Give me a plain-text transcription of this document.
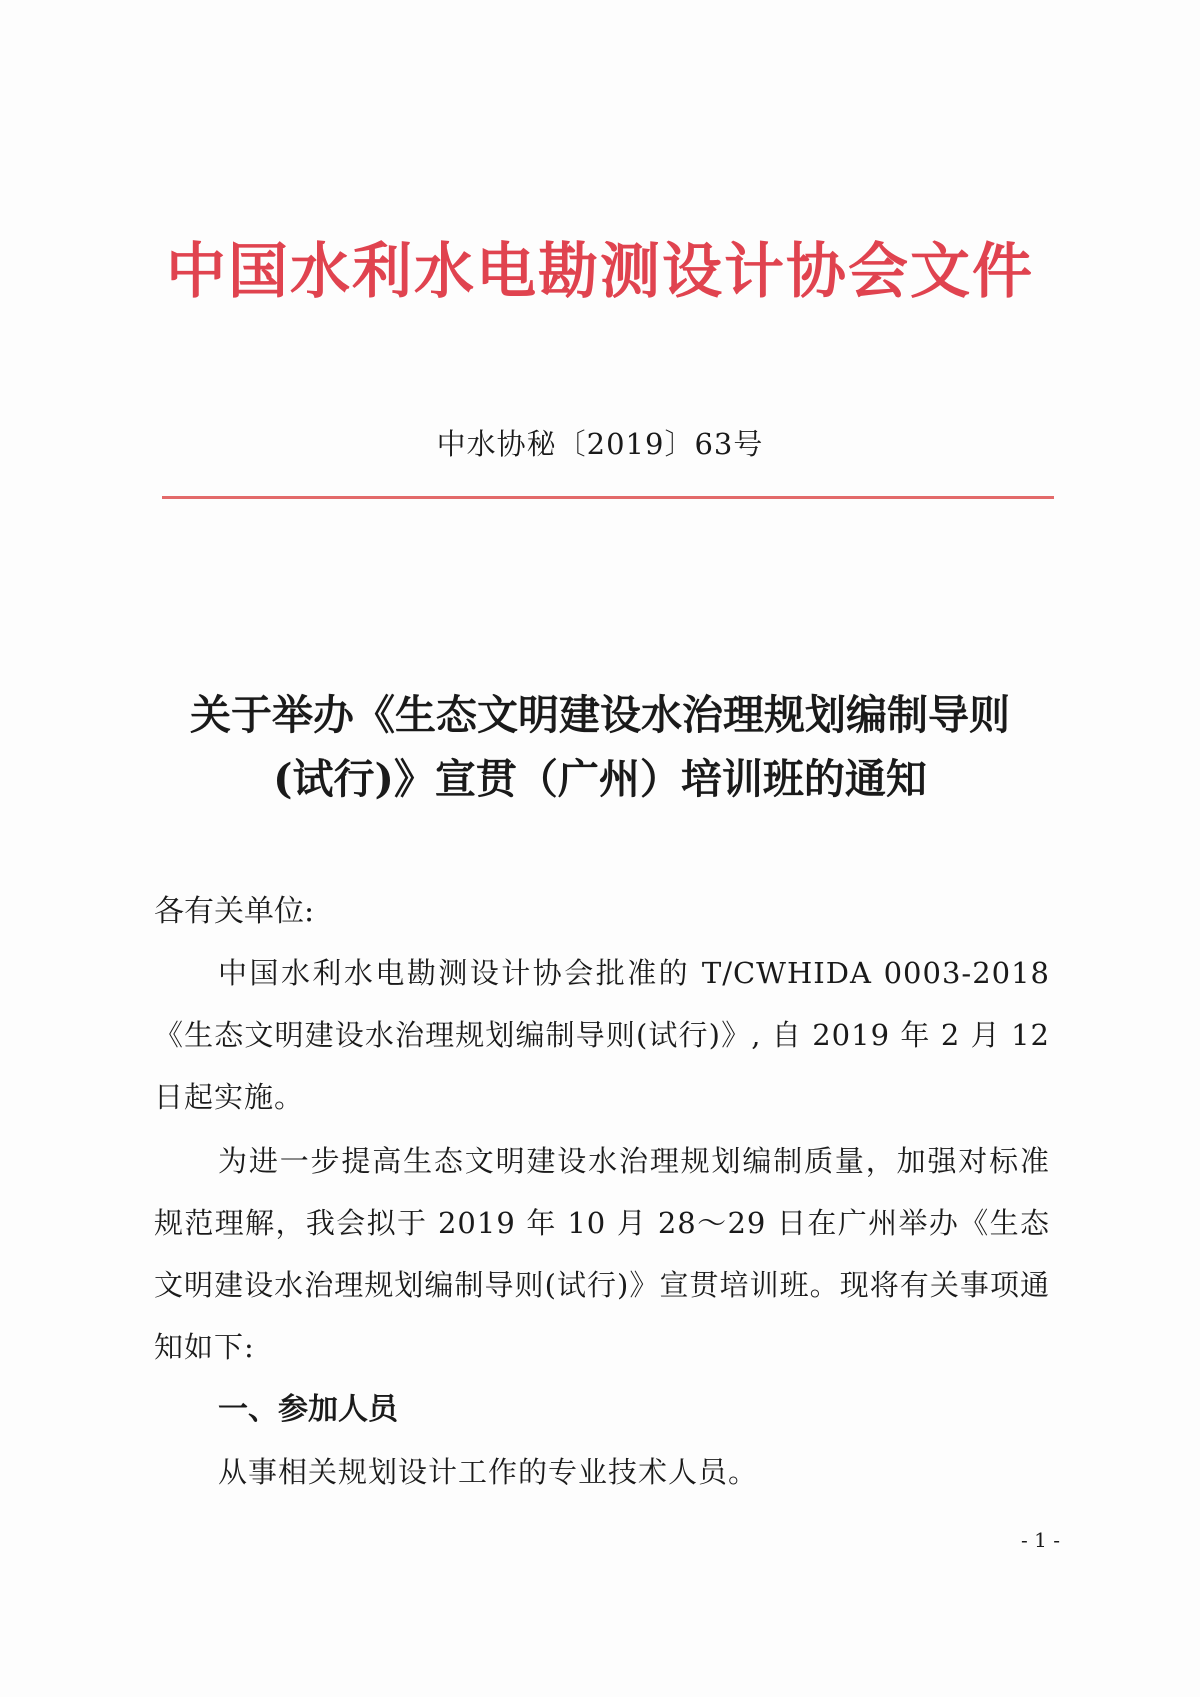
中国水利水电勘测设计协会文件
中水协秘〔2019〕63号
关于举办《生态文明建设水治理规划编制导则
(试行)》宣贯（广州）培训班的通知
各有关单位:
中国水利水电勘测设计协会批准的 T/CWHIDA 0003-2018《生态文明建设水治理规划编制导则(试行)》, 自 2019 年 2 月 12 日起实施。
为进一步提高生态文明建设水治理规划编制质量，加强对标准规范理解，我会拟于 2019 年 10 月 28～29 日在广州举办《生态文明建设水治理规划编制导则(试行)》宣贯培训班。现将有关事项通知如下:
一、参加人员
从事相关规划设计工作的专业技术人员。
- 1 -
